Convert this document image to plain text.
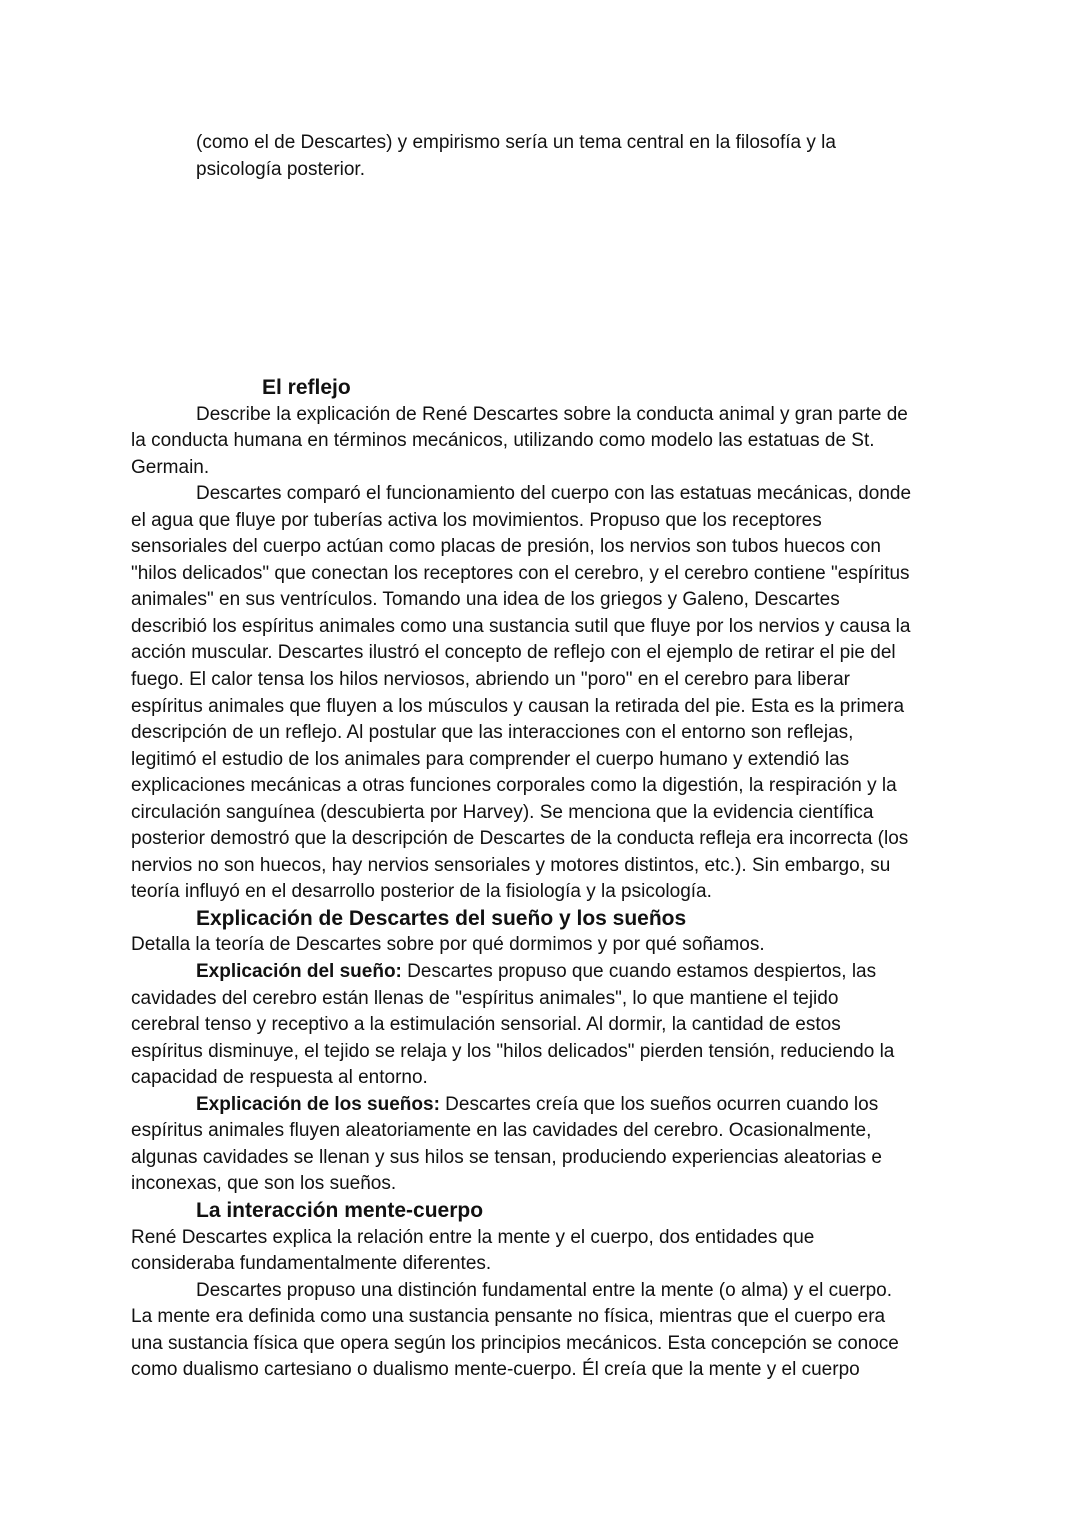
(como el de Descartes) y empirismo sería un tema central en la filosofía y la
psicología posterior.
El reflejo
Describe la explicación de René Descartes sobre la conducta animal y gran parte de
la conducta humana en términos mecánicos, utilizando como modelo las estatuas de St.
Germain.
Descartes comparó el funcionamiento del cuerpo con las estatuas mecánicas, donde
el agua que fluye por tuberías activa los movimientos. Propuso que los receptores
sensoriales del cuerpo actúan como placas de presión, los nervios son tubos huecos con
"hilos delicados" que conectan los receptores con el cerebro, y el cerebro contiene "espíritus
animales" en sus ventrículos. Tomando una idea de los griegos y Galeno, Descartes
describió los espíritus animales como una sustancia sutil que fluye por los nervios y causa la
acción muscular. Descartes ilustró el concepto de reflejo con el ejemplo de retirar el pie del
fuego. El calor tensa los hilos nerviosos, abriendo un "poro" en el cerebro para liberar
espíritus animales que fluyen a los músculos y causan la retirada del pie. Esta es la primera
descripción de un reflejo. Al postular que las interacciones con el entorno son reflejas,
legitimó el estudio de los animales para comprender el cuerpo humano y extendió las
explicaciones mecánicas a otras funciones corporales como la digestión, la respiración y la
circulación sanguínea (descubierta por Harvey). Se menciona que la evidencia científica
posterior demostró que la descripción de Descartes de la conducta refleja era incorrecta (los
nervios no son huecos, hay nervios sensoriales y motores distintos, etc.). Sin embargo, su
teoría influyó en el desarrollo posterior de la fisiología y la psicología.
Explicación de Descartes del sueño y los sueños
Detalla la teoría de Descartes sobre por qué dormimos y por qué soñamos.
Explicación del sueño: Descartes propuso que cuando estamos despiertos, las
cavidades del cerebro están llenas de "espíritus animales", lo que mantiene el tejido
cerebral tenso y receptivo a la estimulación sensorial. Al dormir, la cantidad de estos
espíritus disminuye, el tejido se relaja y los "hilos delicados" pierden tensión, reduciendo la
capacidad de respuesta al entorno.
Explicación de los sueños: Descartes creía que los sueños ocurren cuando los
espíritus animales fluyen aleatoriamente en las cavidades del cerebro. Ocasionalmente,
algunas cavidades se llenan y sus hilos se tensan, produciendo experiencias aleatorias e
inconexas, que son los sueños.
La interacción mente-cuerpo
René Descartes explica la relación entre la mente y el cuerpo, dos entidades que
consideraba fundamentalmente diferentes.
Descartes propuso una distinción fundamental entre la mente (o alma) y el cuerpo.
La mente era definida como una sustancia pensante no física, mientras que el cuerpo era
una sustancia física que opera según los principios mecánicos. Esta concepción se conoce
como dualismo cartesiano o dualismo mente-cuerpo. Él creía que la mente y el cuerpo
